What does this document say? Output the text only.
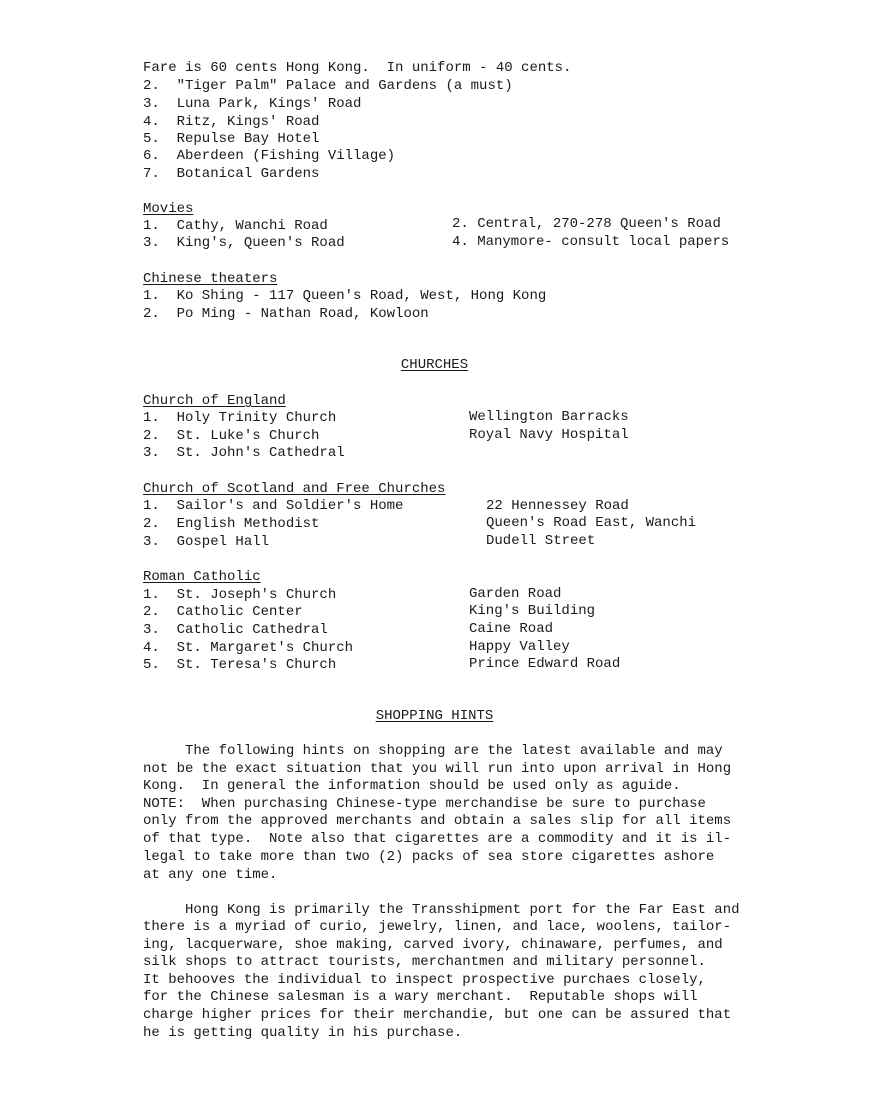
Fare is 60 cents Hong Kong.  In uniform - 40 cents.
2.  "Tiger Palm" Palace and Gardens (a must)
3.  Luna Park, Kings' Road
4.  Ritz, Kings' Road
5.  Repulse Bay Hotel
6.  Aberdeen (Fishing Village)
7.  Botanical Gardens
Movies
1.  Cathy, Wanchi Road
3.  King's, Queen's Road
2. Central, 270-278 Queen's Road
4. Manymore- consult local papers
Chinese theaters
1.  Ko Shing - 117 Queen's Road, West, Hong Kong
2.  Po Ming - Nathan Road, Kowloon
CHURCHES
Church of England
1.  Holy Trinity Church
2.  St. Luke's Church
3.  St. John's Cathedral
Wellington Barracks
Royal Navy Hospital
Church of Scotland and Free Churches
1.  Sailor's and Soldier's Home
2.  English Methodist
3.  Gospel Hall
22 Hennessey Road
Queen's Road East, Wanchi
Dudell Street
Roman Catholic
1.  St. Joseph's Church
2.  Catholic Center
3.  Catholic Cathedral
4.  St. Margaret's Church
5.  St. Teresa's Church
Garden Road
King's Building
Caine Road
Happy Valley
Prince Edward Road
SHOPPING HINTS
The following hints on shopping are the latest available and may
not be the exact situation that you will run into upon arrival in Hong
Kong.  In general the information should be used only as aguide.
NOTE:  When purchasing Chinese-type merchandise be sure to purchase
only from the approved merchants and obtain a sales slip for all items
of that type.  Note also that cigarettes are a commodity and it is il-
legal to take more than two (2) packs of sea store cigarettes ashore
at any one time.
Hong Kong is primarily the Transshipment port for the Far East and
there is a myriad of curio, jewelry, linen, and lace, woolens, tailor-
ing, lacquerware, shoe making, carved ivory, chinaware, perfumes, and
silk shops to attract tourists, merchantmen and military personnel.
It behooves the individual to inspect prospective purchaes closely,
for the Chinese salesman is a wary merchant.  Reputable shops will
charge higher prices for their merchandie, but one can be assured that
he is getting quality in his purchase.
